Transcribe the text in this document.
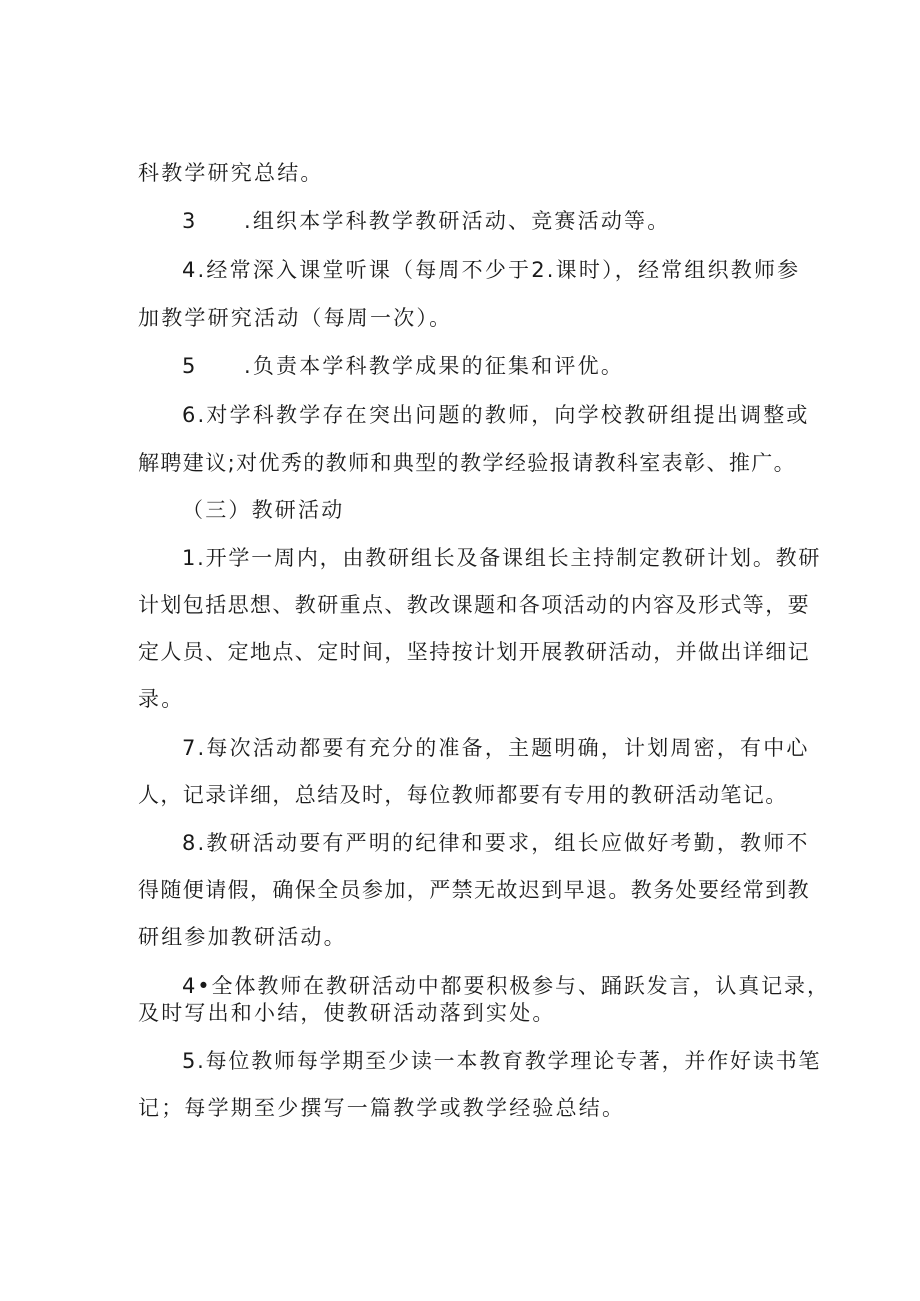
科教学研究总结。
3　　.组织本学科教学教研活动、竞赛活动等。
4.经常深入课堂听课（每周不少于2.课时），经常组织教师参
加教学研究活动（每周一次）。
5　　.负责本学科教学成果的征集和评优。
6.对学科教学存在突出问题的教师，向学校教研组提出调整或
解聘建议;对优秀的教师和典型的教学经验报请教科室表彰、推广。
（三）教研活动
1.开学一周内，由教研组长及备课组长主持制定教研计划。教研
计划包括思想、教研重点、教改课题和各项活动的内容及形式等，要
定人员、定地点、定时间，坚持按计划开展教研活动，并做出详细记
录。
7.每次活动都要有充分的准备，主题明确，计划周密，有中心
人，记录详细，总结及时，每位教师都要有专用的教研活动笔记。
8.教研活动要有严明的纪律和要求，组长应做好考勤，教师不
得随便请假，确保全员参加，严禁无故迟到早退。教务处要经常到教
研组参加教研活动。
4•全体教师在教研活动中都要积极参与、踊跃发言，认真记录，
及时写出和小结，使教研活动落到实处。
5.每位教师每学期至少读一本教育教学理论专著，并作好读书笔
记；每学期至少撰写一篇教学或教学经验总结。
